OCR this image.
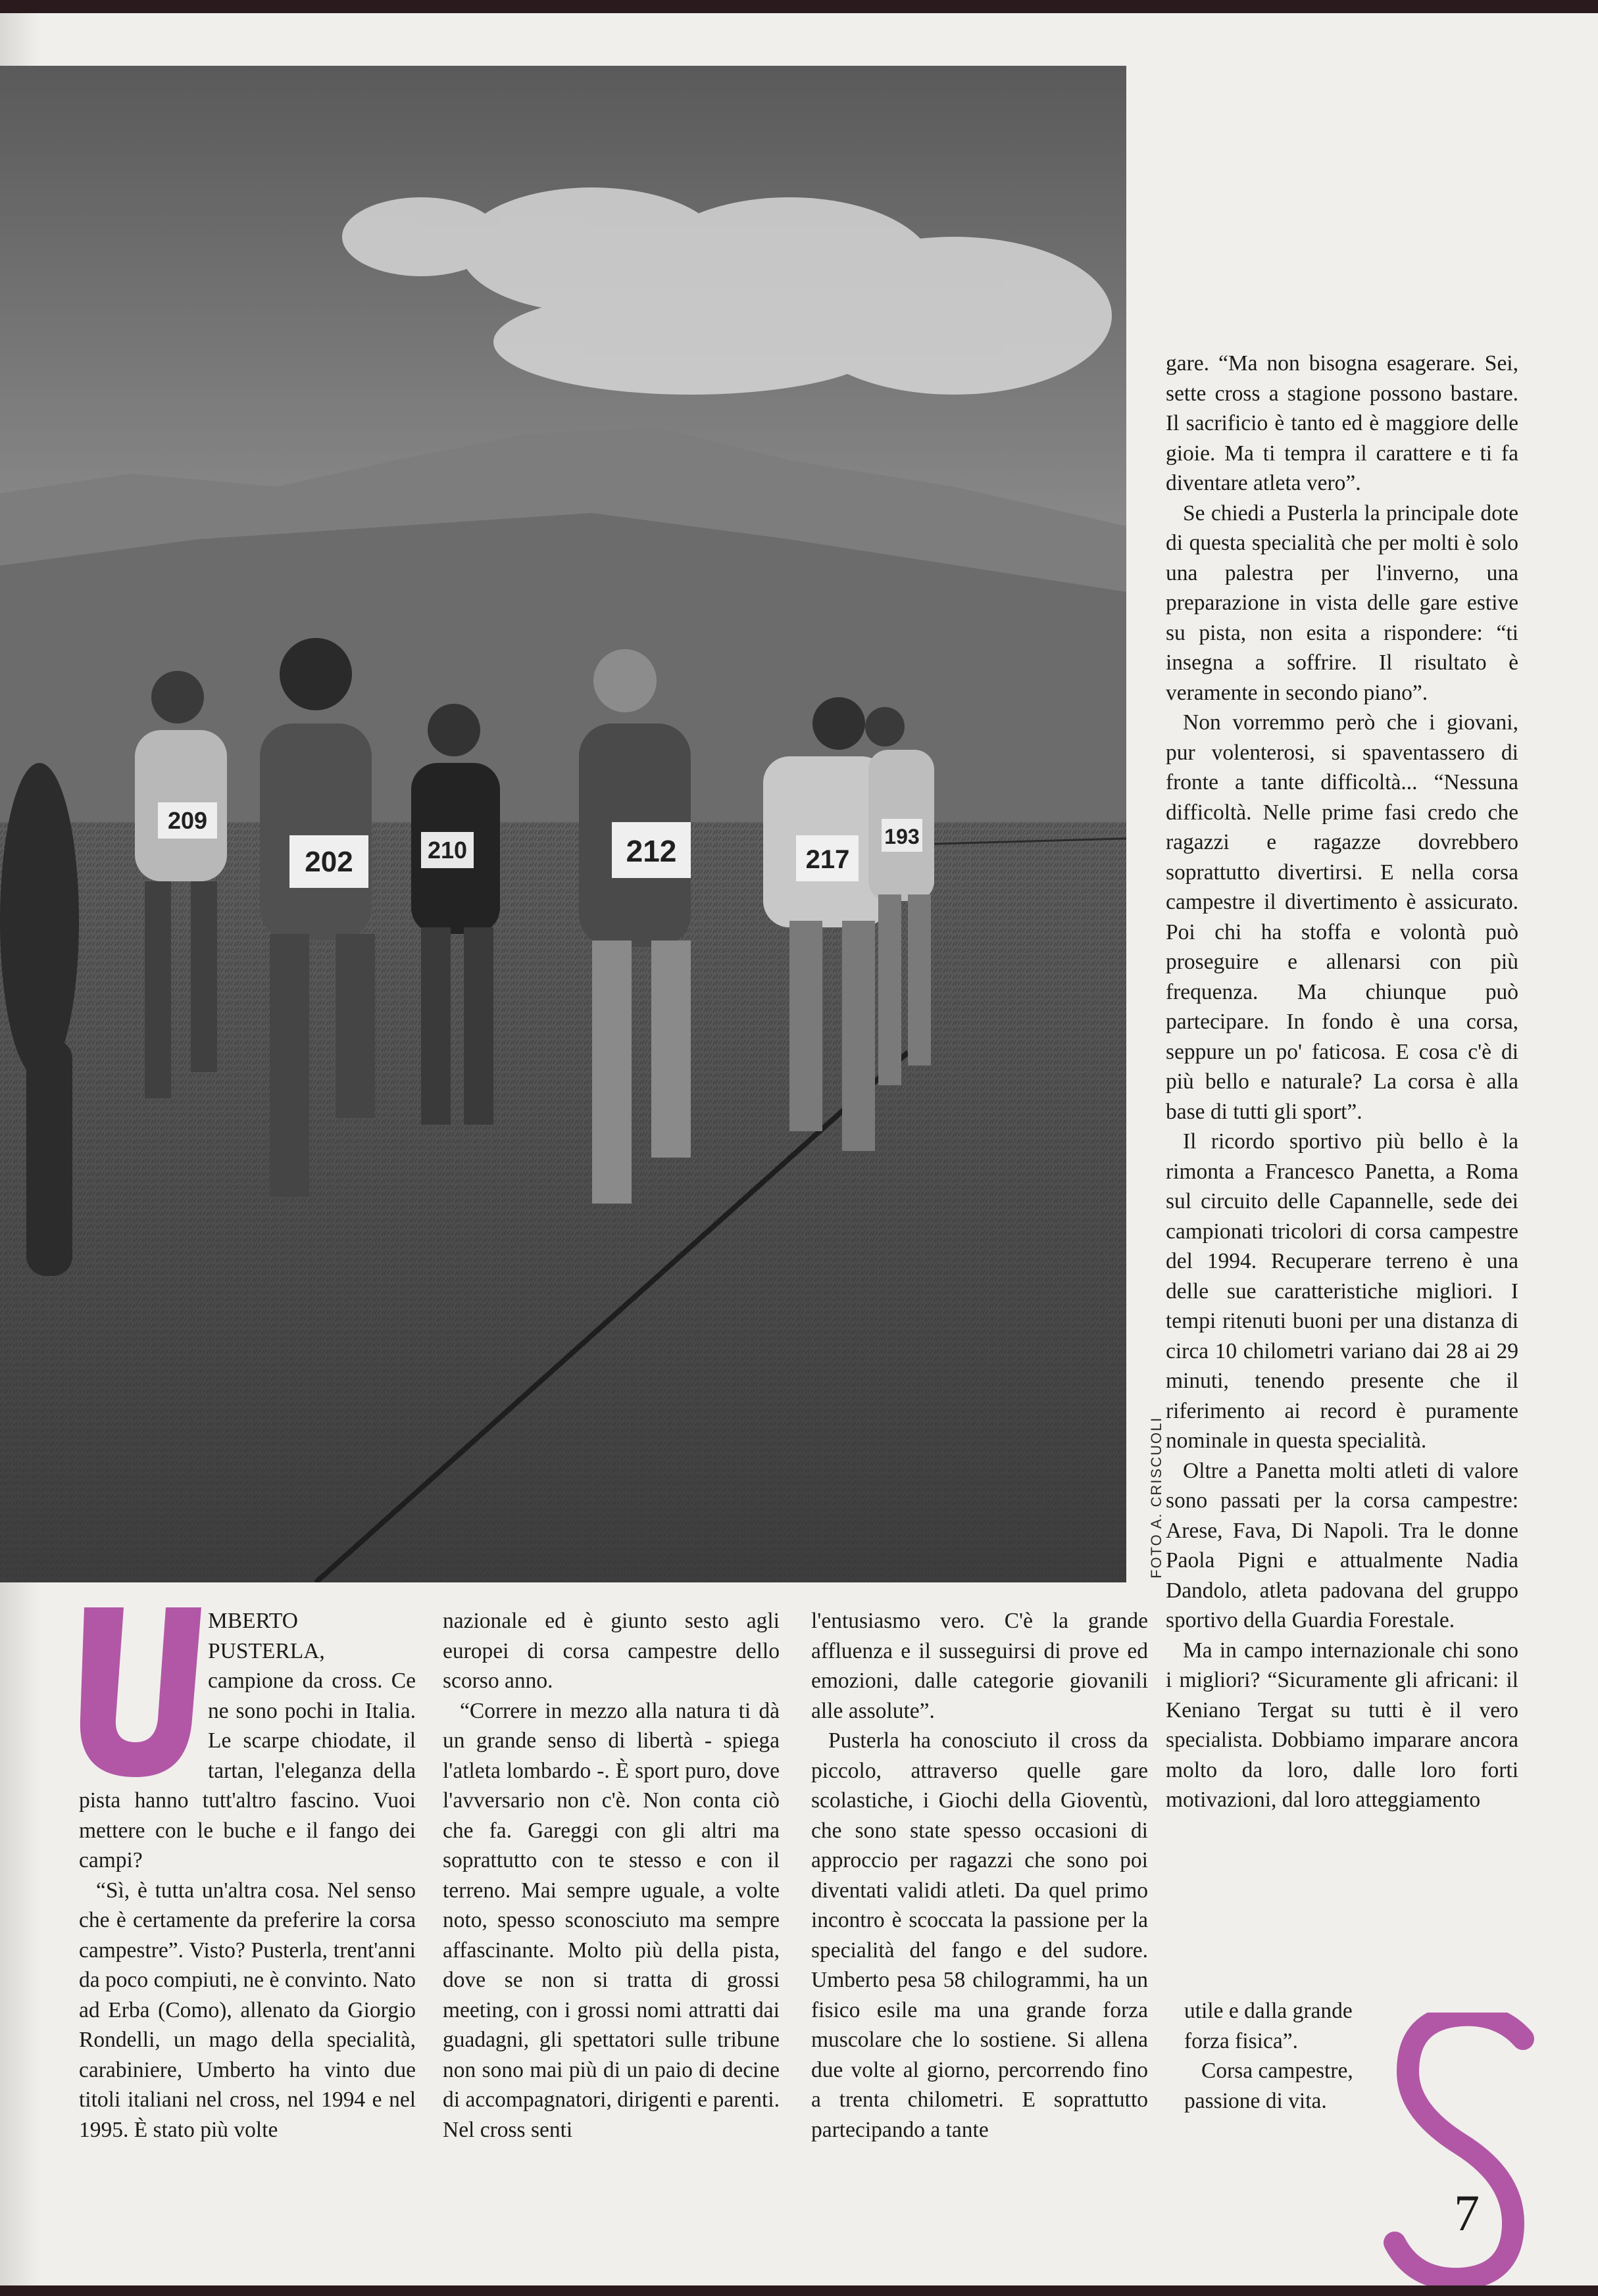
209
202	210	212	217
193
FOTO A. CRISCUOLI

MBERTO PUSTERLA, campione da cross. Ce ne sono pochi in Italia. Le scarpe chiodate, il tartan, l'eleganza della pista hanno tutt'altro fascino. Vuoi mettere con le buche e il fango dei campi?

“Sì, è tutta un'altra cosa. Nel senso che è certamente da preferire la corsa campestre”. Visto? Pusterla, trent'anni da poco compiuti, ne è convinto. Nato ad Erba (Como), allenato da Giorgio Rondelli, un mago della specialità, carabiniere, Umberto ha vinto due titoli italiani nel cross, nel 1994 e nel 1995. È stato più volte

nazionale ed è giunto sesto agli europei di corsa campestre dello scorso anno.

“Correre in mezzo alla natura ti dà un grande senso di libertà - spiega l'atleta lombardo -. È sport puro, dove l'avversario non c'è. Non conta ciò che fa. Gareggi con gli altri ma soprattutto con te stesso e con il terreno. Mai sempre uguale, a volte noto, spesso sconosciuto ma sempre affascinante. Molto più della pista, dove se non si tratta di grossi meeting, con i grossi nomi attratti dai guadagni, gli spettatori sulle tribune non sono mai più di un paio di decine di accompagnatori, dirigenti e parenti. Nel cross senti

l'entusiasmo vero. C'è la grande affluenza e il susseguirsi di prove ed emozioni, dalle categorie giovanili alle assolute”.

Pusterla ha conosciuto il cross da piccolo, attraverso quelle gare scolastiche, i Giochi della Gioventù, che sono state spesso occasioni di approccio per ragazzi che sono poi diventati validi atleti. Da quel primo incontro è scoccata la passione per la specialità del fango e del sudore. Umberto pesa 58 chilogrammi, ha un fisico esile ma una grande forza muscolare che lo sostiene. Si allena due volte al giorno, percorrendo fino a trenta chilometri. E soprattutto partecipando a tante

gare. “Ma non bisogna esagerare. Sei, sette cross a stagione possono bastare. Il sacrificio è tanto ed è maggiore delle gioie. Ma ti tempra il carattere e ti fa diventare atleta vero”.

Se chiedi a Pusterla la principale dote di questa specialità che per molti è solo una palestra per l'inverno, una preparazione in vista delle gare estive su pista, non esita a rispondere: “ti insegna a soffrire. Il risultato è veramente in secondo piano”.

Non vorremmo però che i giovani, pur volenterosi, si spaventassero di fronte a tante difficoltà... “Nessuna difficoltà. Nelle prime fasi credo che ragazzi e ragazze dovrebbero soprattutto divertirsi. E nella corsa campestre il divertimento è assicurato. Poi chi ha stoffa e volontà può proseguire e allenarsi con più frequenza. Ma chiunque può partecipare. In fondo è una corsa, seppure un po' faticosa. E cosa c'è di più bello e naturale? La corsa è alla base di tutti gli sport”.

Il ricordo sportivo più bello è la rimonta a Francesco Panetta, a Roma sul circuito delle Capannelle, sede dei campionati tricolori di corsa campestre del 1994. Recuperare terreno è una delle sue caratteristiche migliori. I tempi ritenuti buoni per una distanza di circa 10 chilometri variano dai 28 ai 29 minuti, tenendo presente che il riferimento ai record è puramente nominale in questa specialità.

Oltre a Panetta molti atleti di valore sono passati per la corsa campestre: Arese, Fava, Di Napoli. Tra le donne Paola Pigni e attualmente Nadia Dandolo, atleta padovana del gruppo sportivo della Guardia Forestale.

Ma in campo internazionale chi sono i migliori? “Sicuramente gli africani: il Keniano Tergat su tutti è il vero specialista. Dobbiamo imparare ancora molto da loro, dalle loro forti motivazioni, dal loro atteggiamento

utile e dalla grande forza fisica”.

Corsa campestre, passione di vita.

7
